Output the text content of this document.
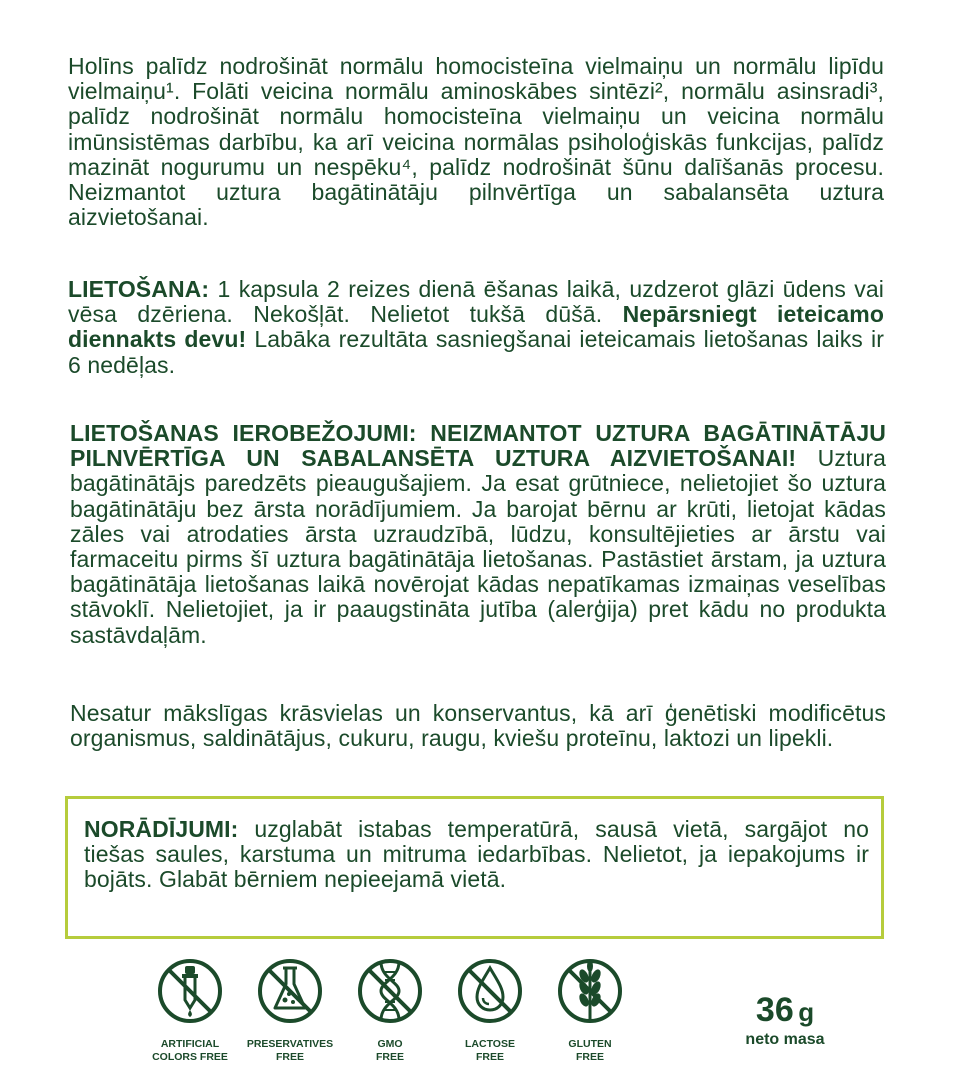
Holīns palīdz nodrošināt normālu homocisteīna vielmaiņu un normālu lipīdu vielmaiņu¹. Folāti veicina normālu aminoskābes sintēzi², normālu asinsradi³, palīdz nodrošināt normālu homocisteīna vielmaiņu un veicina normālu imūnsistēmas darbību, ka arī veicina normālas psiholoģiskās funkcijas, palīdz mazināt nogurumu un nespēku⁴, palīdz nodrošināt šūnu dalīšanās procesu. Neizmantot uztura bagātinātāju pilnvērtīga un sabalansēta uztura aizvietošanai.

LIETOŠANA: 1 kapsula 2 reizes dienā ēšanas laikā, uzdzerot glāzi ūdens vai vēsa dzēriena. Nekošļāt. Nelietot tukšā dūšā. Nepārsniegt ieteicamo diennakts devu! Labāka rezultāta sasniegšanai ieteicamais lietošanas laiks ir 6 nedēļas.

LIETOŠANAS IEROBEŽOJUMI: NEIZMANTOT UZTURA BAGĀTINĀTĀJU PILNVĒRTĪGA UN SABALANSĒTA UZTURA AIZVIETOŠANAI! Uztura bagātinātājs paredzēts pieaugušajiem. Ja esat grūtniece, nelietojiet šo uztura bagātinātāju bez ārsta norādījumiem. Ja barojat bērnu ar krūti, lietojat kādas zāles vai atrodaties ārsta uzraudzībā, lūdzu, konsultējieties ar ārstu vai farmaceitu pirms šī uztura bagātinātāja lietošanas. Pastāstiet ārstam, ja uztura bagātinātāja lietošanas laikā novērojat kādas nepatīkamas izmaiņas veselības stāvoklī. Nelietojiet, ja ir paaugstināta jutība (alerģija) pret kādu no produkta sastāvdaļām.

Nesatur mākslīgas krāsvielas un konservantus, kā arī ģenētiski modificētus organismus, saldinātājus, cukuru, raugu, kviešu proteīnu, laktozi un lipekli.

NORĀDĪJUMI: uzglabāt istabas temperatūrā, sausā vietā, sargājot no tiešas saules, karstuma un mitruma iedarbības. Nelietot, ja iepakojums ir bojāts. Glabāt bērniem nepieejamā vietā.

ARTIFICIAL
COLORS FREE
PRESERVATIVES
FREE
GMO
FREE
LACTOSE
FREE
GLUTEN
FREE
36 g
neto masa
